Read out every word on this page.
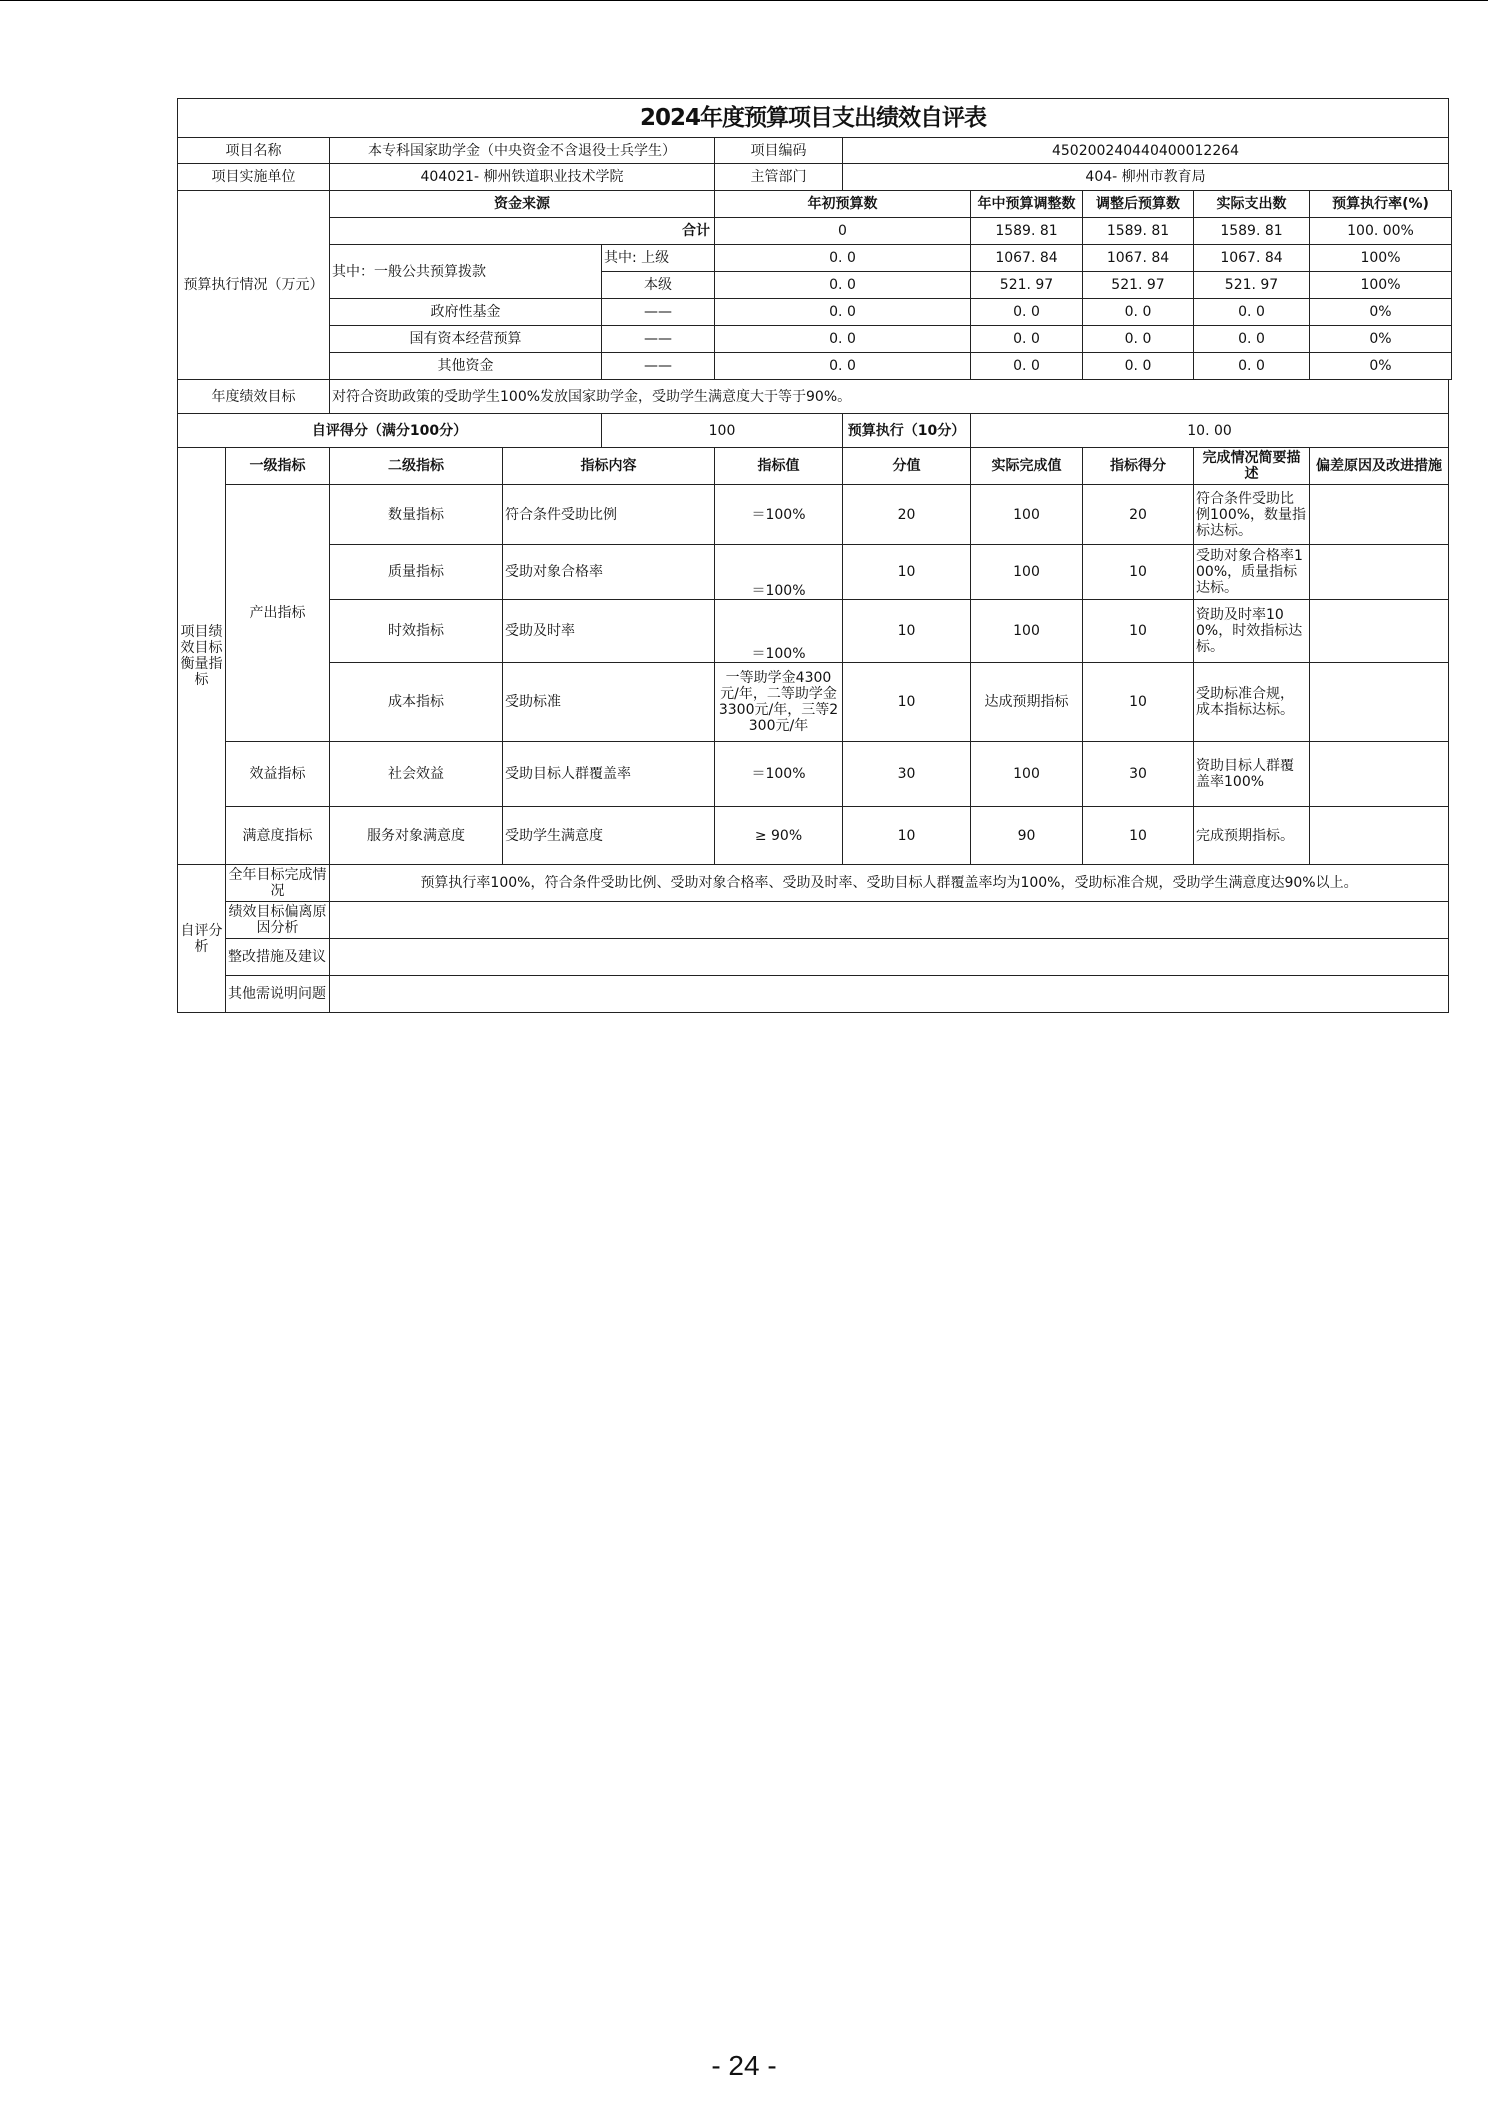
2024年度预算项目支出绩效自评表										
项目名称		本专科国家助学金（中央资金不含退役士兵学生）			项目编码	45020024044040001226​4				
项目实施单位		404021- 柳州铁道职业技术学院			主管部门	404- 柳州市教育局				
预算执行情况（万元）		资金来源			年初预算数		年中预算调整数	调整后预算数	实际支出数	预算执行率(%)
		合计			0		1589. 81	1589. 81	1589. 81	100. 00%
		其中：一般公共预算拨款		其中: 上级	0. 0		1067. 84	1067. 84	1067. 84	100%
				本级	0. 0		521. 97	521. 97	521. 97	100%
		政府性基金		——	0. 0		0. 0	0. 0	0. 0	0%
		国有资本经营预算		——	0. 0		0. 0	0. 0	0. 0	0%
		其他资金		——	0. 0		0. 0	0. 0	0. 0	0%
年度绩效目标		对符合资助政策的受助学生100%发放国家助学金，受助学生满意度大于等于90%。								
自评得分（满分100分）				100		预算执行（10分）	10. 00			
项目绩效目标衡量指标	一级指标	二级指标	指标内容		指标值	分值	实际完成值	指标得分	完成情况简要描述	偏差原因及改进措施
	产出指标	数量指标	符合条件受助比例		＝100%	20	100	20	符合条件受助比例100%，数量指标达标。	
		质量指标	受助对象合格率		＝100%	10	100	10	受助对象合格率100%，质量指标达标。	
		时效指标	受助及时率		＝100%	10	100	10	资助及时率100%，时效指标达标。	
		成本指标	受助标准		一等助学金4300元/年，二等助学金3300元/年，三等2300元/年	10	达成预期指标	10	受助标准合规，成本指标达标。	
	效益指标	社会效益	受助目标人群覆盖率		＝100%	30	100	30	资助目标人群覆盖率100%	
	满意度指标	服务对象满意度	受助学生满意度		≥ 90%	10	90	10	完成预期指标。	
自评分析	全年目标完成情况	预算执行率100%，符合条件受助比例、受助对象合格率、受助及时率、受助目标人群覆盖率均为100%，受助标准合规，受助学生满意度达90%以上。								
	绩效目标偏离原因分析									
	整改措施及建议									
	其他需说明问题									
- 24 -
